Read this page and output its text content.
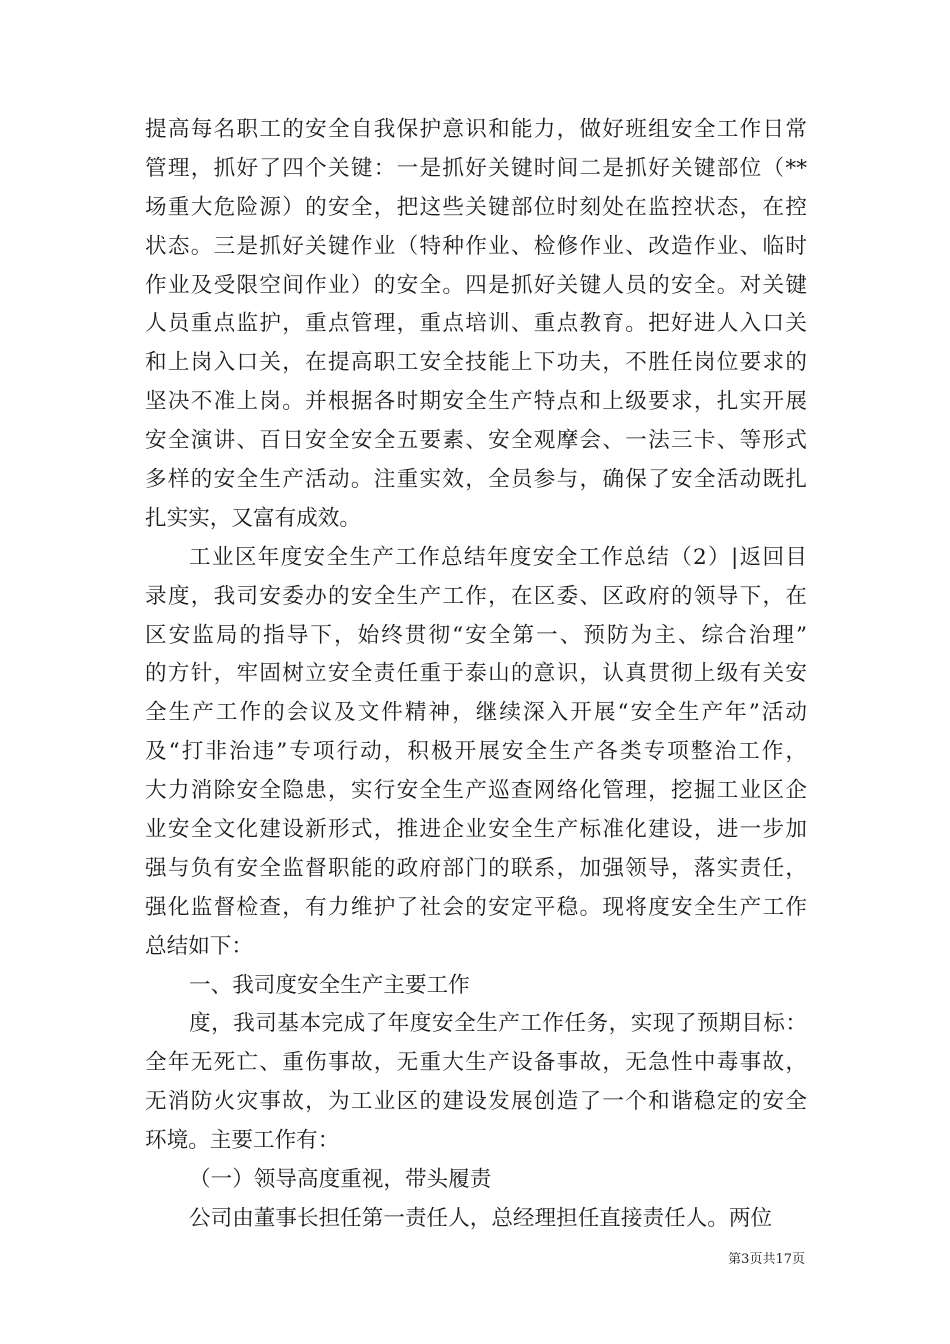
提高每名职工的安全自我保护意识和能力，做好班组安全工作日常
管理，抓好了四个关键：一是抓好关键时间二是抓好关键部位（**
场重大危险源）的安全，把这些关键部位时刻处在监控状态，在控
状态。三是抓好关键作业（特种作业、检修作业、改造作业、临时
作业及受限空间作业）的安全。四是抓好关键人员的安全。对关键
人员重点监护，重点管理，重点培训、重点教育。把好进人入口关
和上岗入口关，在提高职工安全技能上下功夫，不胜任岗位要求的
坚决不准上岗。并根据各时期安全生产特点和上级要求，扎实开展
安全演讲、百日安全安全五要素、安全观摩会、一法三卡、等形式
多样的安全生产活动。注重实效，全员参与，确保了安全活动既扎
扎实实，又富有成效。
工业区年度安全生产工作总结年度安全工作总结（2）|返回目
录度，我司安委办的安全生产工作，在区委、区政府的领导下，在
区安监局的指导下，始终贯彻“安全第一、预防为主、综合治理”
的方针，牢固树立安全责任重于泰山的意识，认真贯彻上级有关安
全生产工作的会议及文件精神，继续深入开展“安全生产年”活动
及“打非治违”专项行动，积极开展安全生产各类专项整治工作，
大力消除安全隐患，实行安全生产巡查网络化管理，挖掘工业区企
业安全文化建设新形式，推进企业安全生产标准化建设，进一步加
强与负有安全监督职能的政府部门的联系，加强领导，落实责任，
强化监督检查，有力维护了社会的安定平稳。现将度安全生产工作
总结如下：
一、我司度安全生产主要工作
度，我司基本完成了年度安全生产工作任务，实现了预期目标：
全年无死亡、重伤事故，无重大生产设备事故，无急性中毒事故，
无消防火灾事故，为工业区的建设发展创造了一个和谐稳定的安全
环境。主要工作有：
（一）领导高度重视，带头履责
公司由董事长担任第一责任人，总经理担任直接责任人。两位
第3页共17页
